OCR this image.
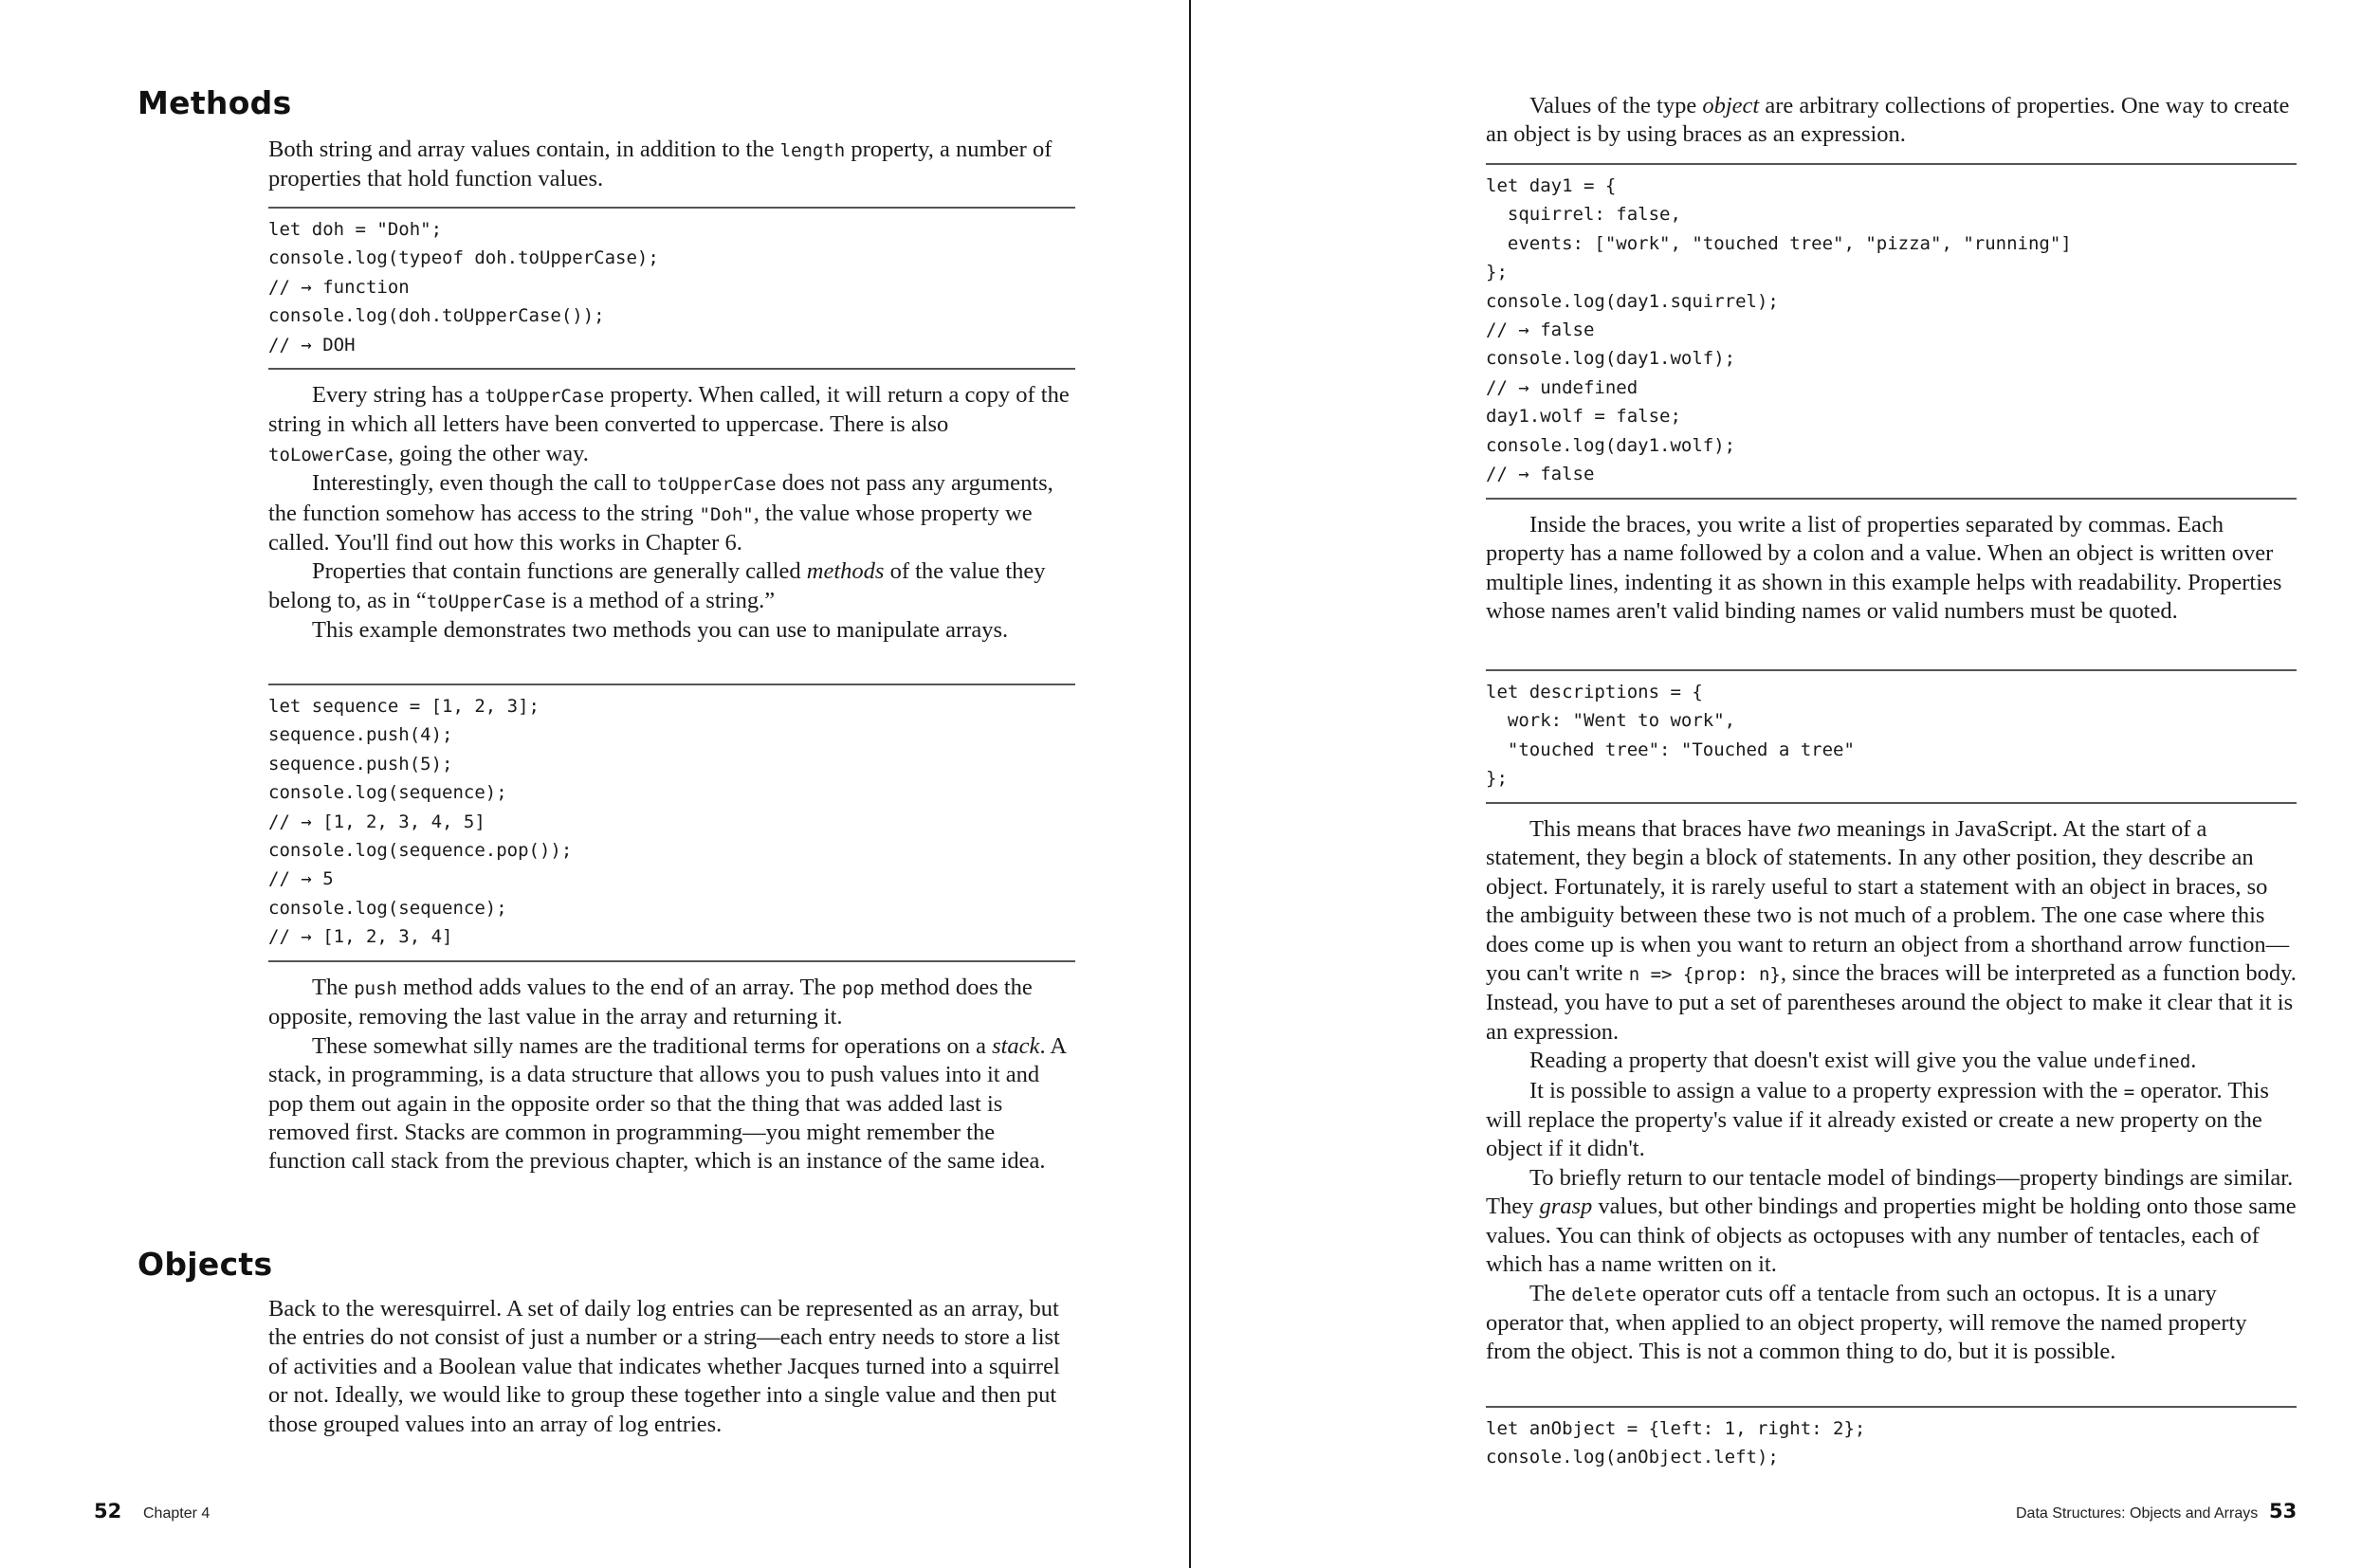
Methods

Both string and array values contain, in addition to the length property, a number of properties that hold function values.

let doh = "Doh";
console.log(typeof doh.toUpperCase);
// → function
console.log(doh.toUpperCase());
// → DOH

Every string has a toUpperCase property. When called, it will return a copy of the string in which all letters have been converted to uppercase. There is also toLowerCase, going the other way.

Interestingly, even though the call to toUpperCase does not pass any arguments, the function somehow has access to the string "Doh", the value whose property we called. You'll find out how this works in Chapter 6.

Properties that contain functions are generally called methods of the value they belong to, as in “toUpperCase is a method of a string.”

This example demonstrates two methods you can use to manipulate arrays.

let sequence = [1, 2, 3];
sequence.push(4);
sequence.push(5);
console.log(sequence);
// → [1, 2, 3, 4, 5]
console.log(sequence.pop());
// → 5
console.log(sequence);
// → [1, 2, 3, 4]

The push method adds values to the end of an array. The pop method does the opposite, removing the last value in the array and returning it.

These somewhat silly names are the traditional terms for operations on a stack. A stack, in programming, is a data structure that allows you to push values into it and pop them out again in the opposite order so that the thing that was added last is removed first. Stacks are common in programming—you might remember the function call stack from the previous chapter, which is an instance of the same idea.

Objects

Back to the weresquirrel. A set of daily log entries can be represented as an array, but the entries do not consist of just a number or a string—each entry needs to store a list of activities and a Boolean value that indicates whether Jacques turned into a squirrel or not. Ideally, we would like to group these together into a single value and then put those grouped values into an array of log entries.

52 Chapter 4

Values of the type object are arbitrary collections of properties. One way to create an object is by using braces as an expression.

let day1 = {
squirrel: false,
events: ["work", "touched tree", "pizza", "running"]
};
console.log(day1.squirrel);
// → false
console.log(day1.wolf);
// → undefined
day1.wolf = false;
console.log(day1.wolf);
// → false

Inside the braces, you write a list of properties separated by commas. Each property has a name followed by a colon and a value. When an object is written over multiple lines, indenting it as shown in this example helps with readability. Properties whose names aren't valid binding names or valid numbers must be quoted.

let descriptions = {
work: "Went to work",
"touched tree": "Touched a tree"
};

This means that braces have two meanings in JavaScript. At the start of a statement, they begin a block of statements. In any other position, they describe an object. Fortunately, it is rarely useful to start a statement with an object in braces, so the ambiguity between these two is not much of a problem. The one case where this does come up is when you want to return an object from a shorthand arrow function—you can't write n => {prop: n}, since the braces will be interpreted as a function body. Instead, you have to put a set of parentheses around the object to make it clear that it is an expression.

Reading a property that doesn't exist will give you the value undefined.

It is possible to assign a value to a property expression with the = operator. This will replace the property's value if it already existed or create a new property on the object if it didn't.

To briefly return to our tentacle model of bindings—property bindings are similar. They grasp values, but other bindings and properties might be holding onto those same values. You can think of objects as octopuses with any number of tentacles, each of which has a name written on it.

The delete operator cuts off a tentacle from such an octopus. It is a unary operator that, when applied to an object property, will remove the named property from the object. This is not a common thing to do, but it is possible.

let anObject = {left: 1, right: 2};
console.log(anObject.left);
Data Structures: Objects and Arrays 53
